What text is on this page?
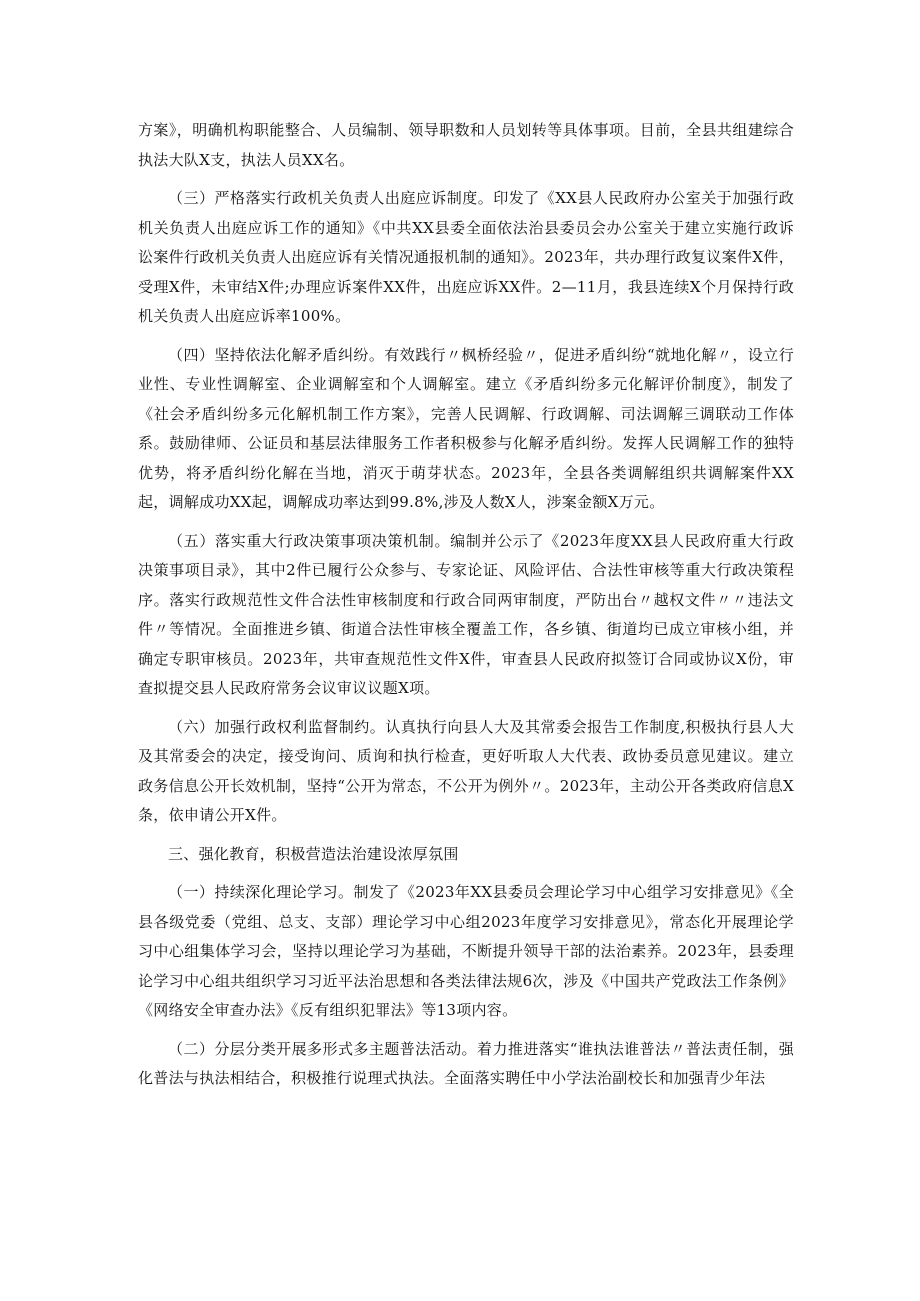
方案》，明确机构职能整合、人员编制、领导职数和人员划转等具体事项。目前，全县共组建综合执法大队X支，执法人员XX名。

（三）严格落实行政机关负责人出庭应诉制度。印发了《XX县人民政府办公室关于加强行政机关负责人出庭应诉工作的通知》《中共XX县委全面依法治县委员会办公室关于建立实施行政诉讼案件行政机关负责人出庭应诉有关情况通报机制的通知》。2023年，共办理行政复议案件X件，受理X件，未审结X件;办理应诉案件XX件，出庭应诉XX件。2—11月，我县连续X个月保持行政机关负责人出庭应诉率100%。

（四）坚持依法化解矛盾纠纷。有效践行〃枫桥经验〃，促进矛盾纠纷“就地化解〃，设立行业性、专业性调解室、企业调解室和个人调解室。建立《矛盾纠纷多元化解评价制度》，制发了《社会矛盾纠纷多元化解机制工作方案》，完善人民调解、行政调解、司法调解三调联动工作体系。鼓励律师、公证员和基层法律服务工作者积极参与化解矛盾纠纷。发挥人民调解工作的独特优势，将矛盾纠纷化解在当地，消灭于萌芽状态。2023年，全县各类调解组织共调解案件XX起，调解成功XX起，调解成功率达到99.8%,涉及人数X人，涉案金额X万元。

（五）落实重大行政决策事项决策机制。编制并公示了《2023年度XX县人民政府重大行政决策事项目录》，其中2件已履行公众参与、专家论证、风险评估、合法性审核等重大行政决策程序。落实行政规范性文件合法性审核制度和行政合同两审制度，严防出台〃越权文件〃〃违法文件〃等情况。全面推进乡镇、街道合法性审核全覆盖工作，各乡镇、街道均已成立审核小组，并确定专职审核员。2023年，共审查规范性文件X件，审查县人民政府拟签订合同或协议X份，审查拟提交县人民政府常务会议审议议题X项。

（六）加强行政权利监督制约。认真执行向县人大及其常委会报告工作制度,积极执行县人大及其常委会的决定，接受询问、质询和执行检查，更好听取人大代表、政协委员意见建议。建立政务信息公开长效机制，坚持“公开为常态，不公开为例外〃。2023年，主动公开各类政府信息X条，依申请公开X件。

三、强化教育，积极营造法治建设浓厚氛围

（一）持续深化理论学习。制发了《2023年XX县委员会理论学习中心组学习安排意见》《全县各级党委（党组、总支、支部）理论学习中心组2023年度学习安排意见》，常态化开展理论学习中心组集体学习会，坚持以理论学习为基础，不断提升领导干部的法治素养。2023年，县委理论学习中心组共组织学习习近平法治思想和各类法律法规6次，涉及《中国共产党政法工作条例》《网络安全审查办法》《反有组织犯罪法》等13项内容。

（二）分层分类开展多形式多主题普法活动。着力推进落实“谁执法谁普法〃普法责任制，强化普法与执法相结合，积极推行说理式执法。全面落实聘任中小学法治副校长和加强青少年法
